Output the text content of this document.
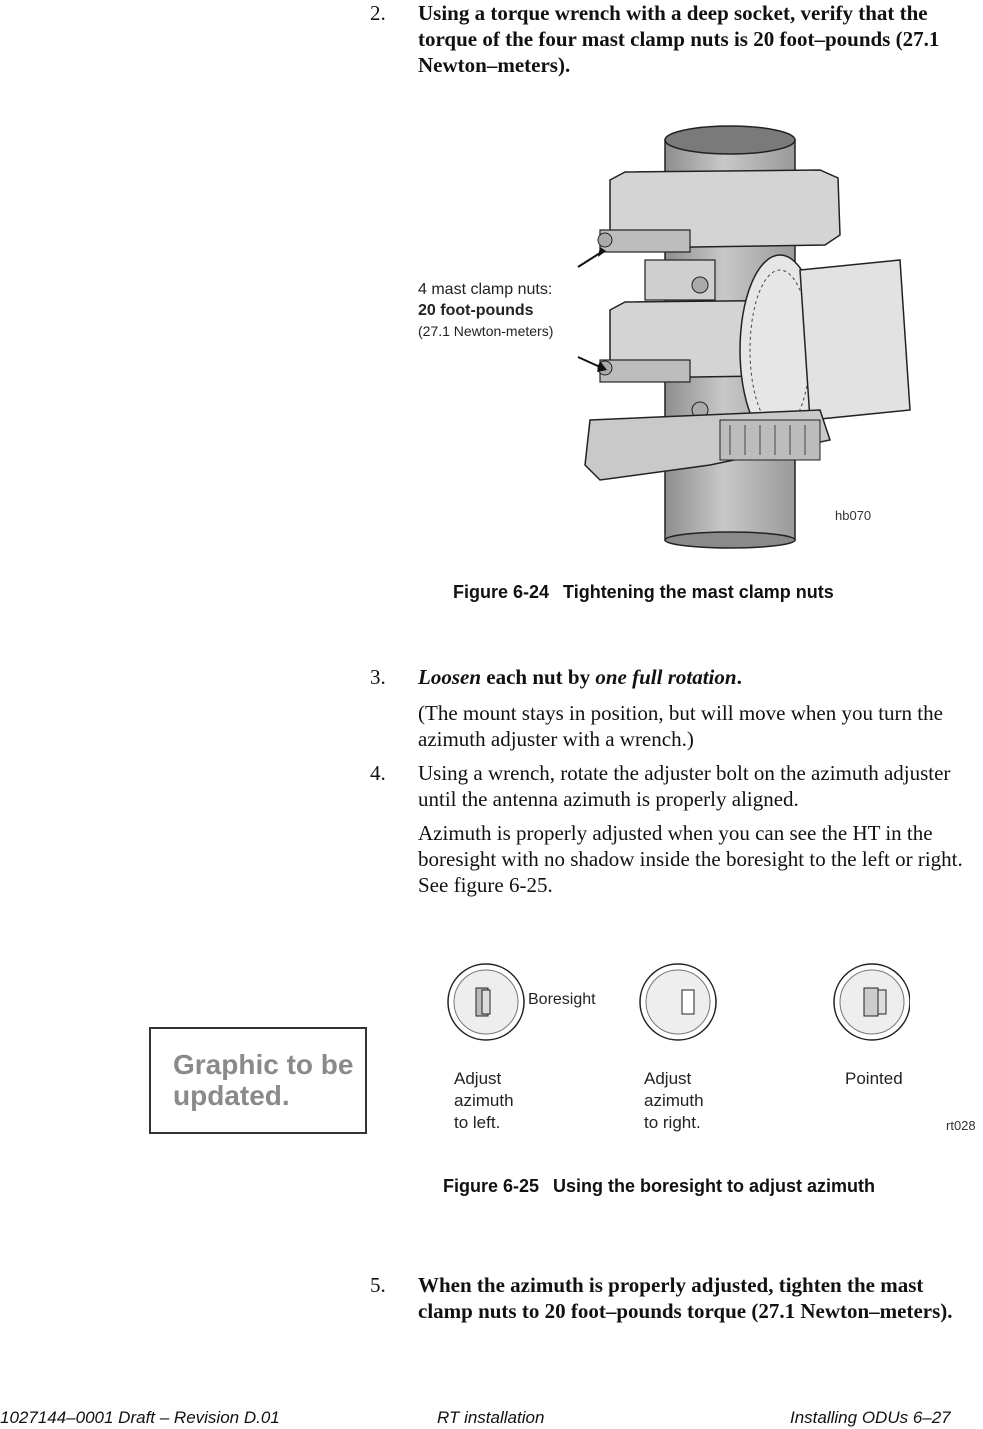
2. Using a torque wrench with a deep socket, verify that the torque of the four mast clamp nuts is 20 foot–pounds (27.1 Newton–meters).
4 mast clamp nuts:
20 foot-pounds
(27.1 Newton-meters)
hb070
Figure 6-24 Tightening the mast clamp nuts
3. Loosen each nut by one full rotation.
(The mount stays in position, but will move when you turn the azimuth adjuster with a wrench.)
4. Using a wrench, rotate the adjuster bolt on the azimuth adjuster until the antenna azimuth is properly aligned.
Azimuth is properly adjusted when you can see the HT in the boresight with no shadow inside the boresight to the left or right. See figure 6-25.
Boresight
Adjust
azimuth
to left.
Adjust
azimuth
to right.
Pointed
rt028
Graphic to be
updated.
Figure 6-25 Using the boresight to adjust azimuth
5. When the azimuth is properly adjusted, tighten the mast clamp nuts to 20 foot–pounds torque (27.1 Newton–meters).
1027144–0001 Draft – Revision D.01	RT installation	Installing ODUs 6–27
